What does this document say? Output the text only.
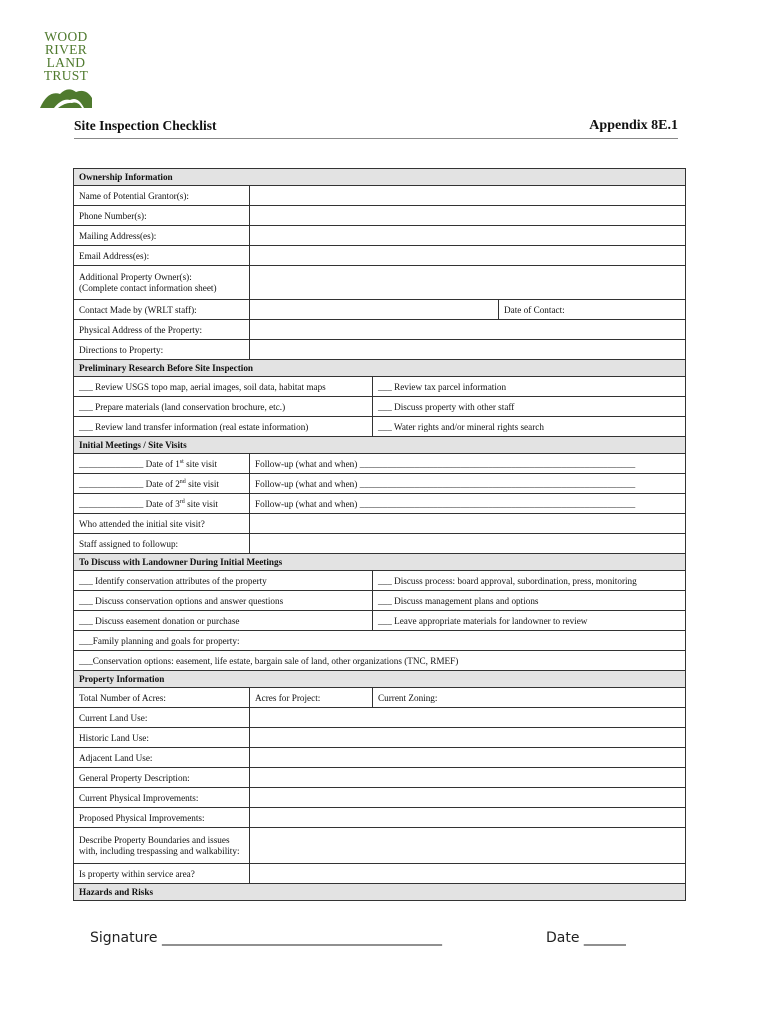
WOOD
RIVER
LAND
TRUST
Site Inspection Checklist	Appendix 8E.1
Ownership Information			
Name of Potential Grantor(s):			
Phone Number(s):			
Mailing Address(es):			
Email Address(es):			

Additional Property Owner(s):
(Complete contact information sheet)			

Contact Made by (WRLT staff):			Date of Contact:
Physical Address of the Property:			
Directions to Property:			
Preliminary Research Before Site Inspection			
___ Review USGS topo map, aerial images, soil data, habitat maps		___ Review tax parcel information	
___ Prepare materials (land conservation brochure, etc.)		___ Discuss property with other staff	
___ Review land transfer information (real estate information)		___ Water rights and/or mineral rights search	
Initial Meetings / Site Visits			
______________ Date of 1st site visit	Follow-up (what and when) ____________________________________________________________		
______________ Date of 2nd site visit	Follow-up (what and when) ____________________________________________________________		
______________ Date of 3rd site visit	Follow-up (what and when) ____________________________________________________________		
Who attended the initial site visit?			
Staff assigned to followup:			
To Discuss with Landowner During Initial Meetings			
___ Identify conservation attributes of the property		___ Discuss process: board approval, subordination, press, monitoring	
___ Discuss conservation options and answer questions		___ Discuss management plans and options	
___ Discuss easement donation or purchase		___ Leave appropriate materials for landowner to review	
___Family planning and goals for property:			
___Conservation options: easement, life estate, bargain sale of land, other organizations (TNC, RMEF)			
Property Information			
Total Number of Acres:	Acres for Project:	Current Zoning:	
Current Land Use:			
Historic Land Use:			
Adjacent Land Use:			
General Property Description:			
Current Physical Improvements:			
Proposed Physical Improvements:			
Describe Property Boundaries and issues with, including trespassing and walkability:			
Is property within service area?			
Hazards and Risks			
Signature ________________________________________	Date ______
